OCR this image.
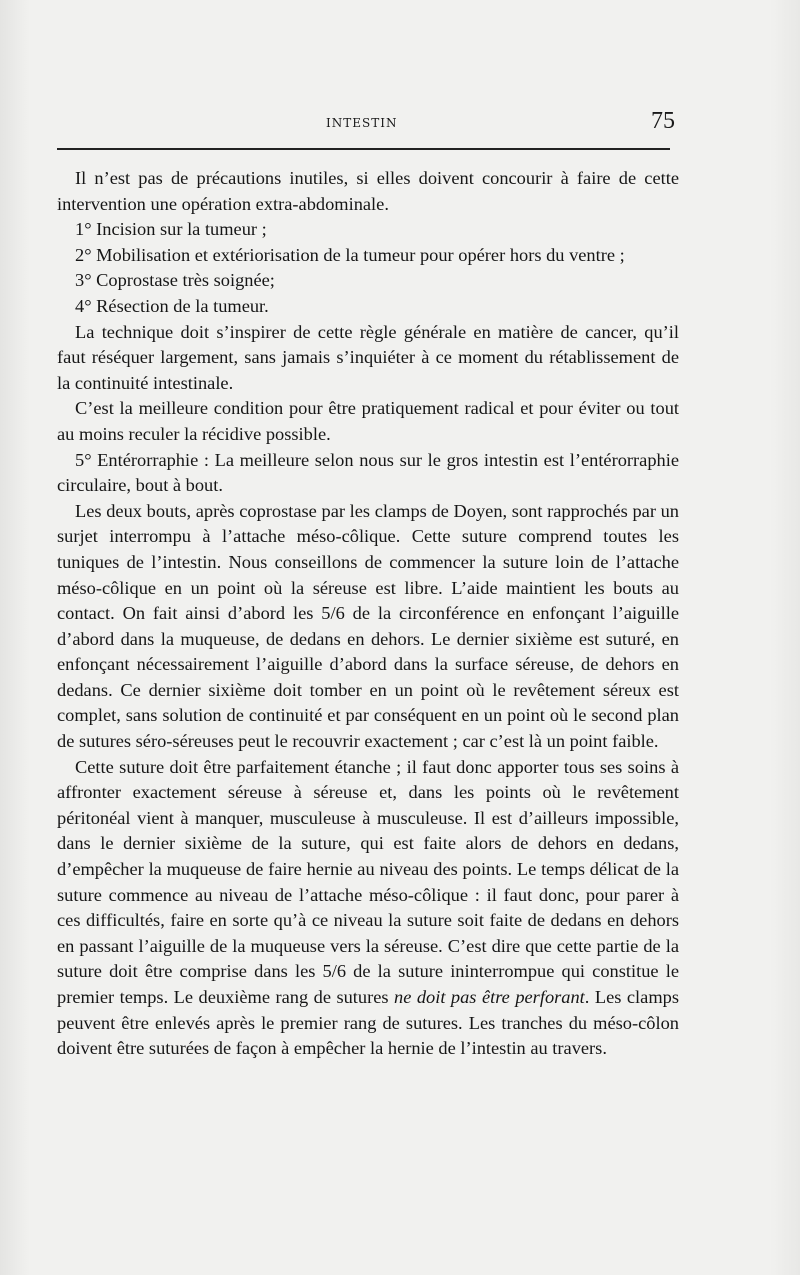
INTESTIN	75

Il n’est pas de précautions inutiles, si elles doivent concourir à faire de cette intervention une opération extra-abdominale.

1° Incision sur la tumeur ;

2° Mobilisation et extériorisation de la tumeur pour opérer hors du ventre ;

3° Coprostase très soignée;

4° Résection de la tumeur.

La technique doit s’inspirer de cette règle générale en matière de cancer, qu’il faut réséquer largement, sans jamais s’inquiéter à ce moment du rétablissement de la continuité intestinale.

C’est la meilleure condition pour être pratiquement radical et pour éviter ou tout au moins reculer la récidive possible.

5° Entérorraphie : La meilleure selon nous sur le gros intestin est l’entérorraphie circulaire, bout à bout.

Les deux bouts, après coprostase par les clamps de Doyen, sont rapprochés par un surjet interrompu à l’attache méso-côlique. Cette suture comprend toutes les tuniques de l’intestin. Nous conseillons de commencer la suture loin de l’attache méso-côlique en un point où la séreuse est libre. L’aide maintient les bouts au contact. On fait ainsi d’abord les 5/6 de la circonférence en enfonçant l’aiguille d’abord dans la muqueuse, de dedans en dehors. Le dernier sixième est suturé, en enfonçant nécessairement l’aiguille d’abord dans la surface séreuse, de dehors en dedans. Ce dernier sixième doit tomber en un point où le revêtement séreux est complet, sans solution de continuité et par conséquent en un point où le second plan de sutures séro-séreuses peut le recouvrir exactement ; car c’est là un point faible.

Cette suture doit être parfaitement étanche ; il faut donc apporter tous ses soins à affronter exactement séreuse à séreuse et, dans les points où le revêtement péritonéal vient à manquer, musculeuse à musculeuse. Il est d’ailleurs impossible, dans le dernier sixième de la suture, qui est faite alors de dehors en dedans, d’empêcher la muqueuse de faire hernie au niveau des points. Le temps délicat de la suture commence au niveau de l’attache méso-côlique : il faut donc, pour parer à ces difficultés, faire en sorte qu’à ce niveau la suture soit faite de dedans en dehors en passant l’aiguille de la muqueuse vers la séreuse. C’est dire que cette partie de la suture doit être comprise dans les 5/6 de la suture ininterrompue qui constitue le premier temps. Le deuxième rang de sutures ne doit pas être perforant. Les clamps peuvent être enlevés après le premier rang de sutures. Les tranches du méso-côlon doivent être suturées de façon à empêcher la hernie de l’intestin au travers.
